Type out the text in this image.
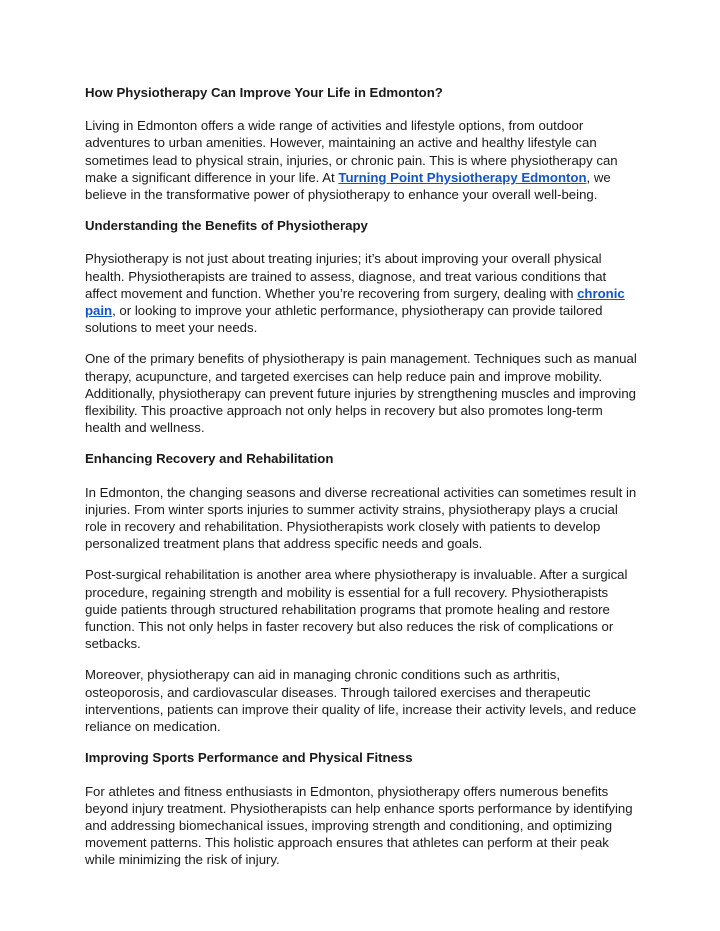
How Physiotherapy Can Improve Your Life in Edmonton?
Living in Edmonton offers a wide range of activities and lifestyle options, from outdoor adventures to urban amenities. However, maintaining an active and healthy lifestyle can sometimes lead to physical strain, injuries, or chronic pain. This is where physiotherapy can make a significant difference in your life. At Turning Point Physiotherapy Edmonton, we believe in the transformative power of physiotherapy to enhance your overall well-being.
Understanding the Benefits of Physiotherapy
Physiotherapy is not just about treating injuries; it’s about improving your overall physical health. Physiotherapists are trained to assess, diagnose, and treat various conditions that affect movement and function. Whether you’re recovering from surgery, dealing with chronic pain, or looking to improve your athletic performance, physiotherapy can provide tailored solutions to meet your needs.
One of the primary benefits of physiotherapy is pain management. Techniques such as manual therapy, acupuncture, and targeted exercises can help reduce pain and improve mobility. Additionally, physiotherapy can prevent future injuries by strengthening muscles and improving flexibility. This proactive approach not only helps in recovery but also promotes long-term health and wellness.
Enhancing Recovery and Rehabilitation
In Edmonton, the changing seasons and diverse recreational activities can sometimes result in injuries. From winter sports injuries to summer activity strains, physiotherapy plays a crucial role in recovery and rehabilitation. Physiotherapists work closely with patients to develop personalized treatment plans that address specific needs and goals.
Post-surgical rehabilitation is another area where physiotherapy is invaluable. After a surgical procedure, regaining strength and mobility is essential for a full recovery. Physiotherapists guide patients through structured rehabilitation programs that promote healing and restore function. This not only helps in faster recovery but also reduces the risk of complications or setbacks.
Moreover, physiotherapy can aid in managing chronic conditions such as arthritis, osteoporosis, and cardiovascular diseases. Through tailored exercises and therapeutic interventions, patients can improve their quality of life, increase their activity levels, and reduce reliance on medication.
Improving Sports Performance and Physical Fitness
For athletes and fitness enthusiasts in Edmonton, physiotherapy offers numerous benefits beyond injury treatment. Physiotherapists can help enhance sports performance by identifying and addressing biomechanical issues, improving strength and conditioning, and optimizing movement patterns. This holistic approach ensures that athletes can perform at their peak while minimizing the risk of injury.
